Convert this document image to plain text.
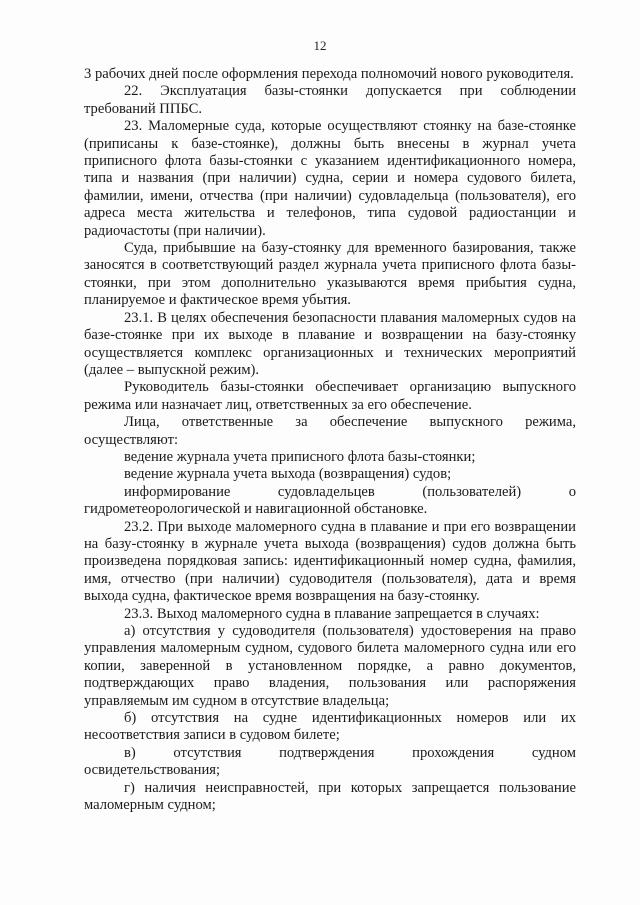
12

3 рабочих дней после оформления перехода полномочий нового руководителя.

22. Эксплуатация базы-стоянки допускается при соблюдении требований ППБС.

23. Маломерные суда, которые осуществляют стоянку на базе-стоянке (приписаны к базе-стоянке), должны быть внесены в журнал учета приписного флота базы-стоянки с указанием идентификационного номера, типа и названия (при наличии) судна, серии и номера судового билета, фамилии, имени, отчества (при наличии) судовладельца (пользователя), его адреса места жительства и телефонов, типа судовой радиостанции и радиочастоты (при наличии).

Суда, прибывшие на базу-стоянку для временного базирования, также заносятся в соответствующий раздел журнала учета приписного флота базы-стоянки, при этом дополнительно указываются время прибытия судна, планируемое и фактическое время убытия.

23.1. В целях обеспечения безопасности плавания маломерных судов на базе-стоянке при их выходе в плавание и возвращении на базу-стоянку осуществляется комплекс организационных и технических мероприятий (далее – выпускной режим).

Руководитель базы-стоянки обеспечивает организацию выпускного режима или назначает лиц, ответственных за его обеспечение.

Лица, ответственные за обеспечение выпускного режима, осуществляют:

ведение журнала учета приписного флота базы-стоянки;

ведение журнала учета выхода (возвращения) судов;

информирование судовладельцев (пользователей) о гидрометеорологической и навигационной обстановке.

23.2. При выходе маломерного судна в плавание и при его возвращении на базу-стоянку в журнале учета выхода (возвращения) судов должна быть произведена порядковая запись: идентификационный номер судна, фамилия, имя, отчество (при наличии) судоводителя (пользователя), дата и время выхода судна, фактическое время возвращения на базу-стоянку.

23.3. Выход маломерного судна в плавание запрещается в случаях:

а) отсутствия у судоводителя (пользователя) удостоверения на право управления маломерным судном, судового билета маломерного судна или его копии, заверенной в установленном порядке, а равно документов, подтверждающих право владения, пользования или распоряжения управляемым им судном в отсутствие владельца;

б) отсутствия на судне идентификационных номеров или их несоответствия записи в судовом билете;

в) отсутствия подтверждения прохождения судном освидетельствования;

г) наличия неисправностей, при которых запрещается пользование маломерным судном;
